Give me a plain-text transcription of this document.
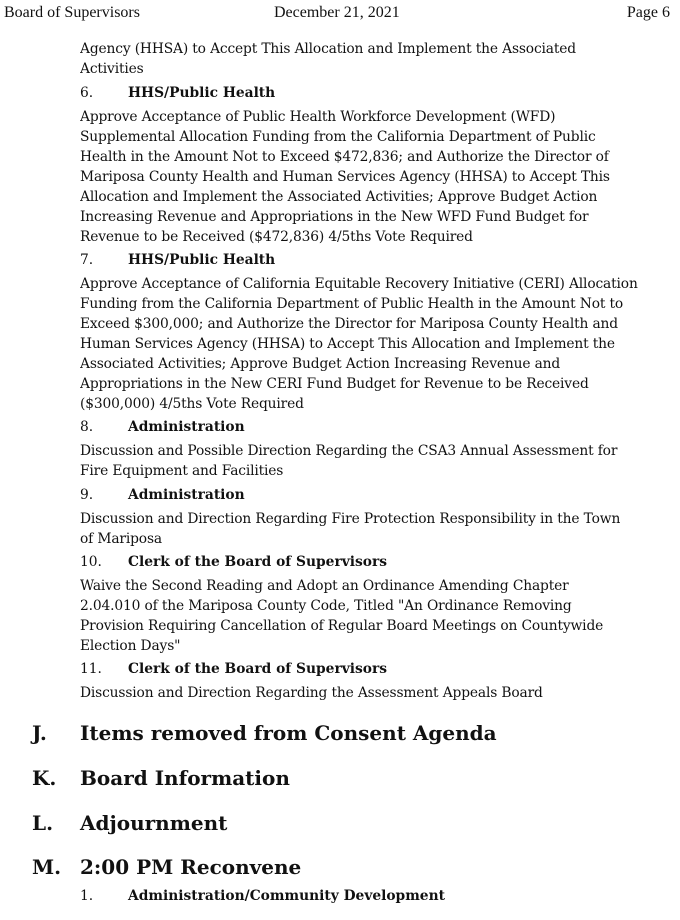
Board of Supervisors	December 21, 2021	Page 6
Agency (HHSA) to Accept This Allocation and Implement the Associated
Activities
6.	HHS/Public Health
Approve Acceptance of Public Health Workforce Development (WFD)
Supplemental Allocation Funding from the California Department of Public
Health in the Amount Not to Exceed $472,836; and Authorize the Director of
Mariposa County Health and Human Services Agency (HHSA) to Accept This
Allocation and Implement the Associated Activities; Approve Budget Action
Increasing Revenue and Appropriations in the New WFD Fund Budget for
Revenue to be Received ($472,836) 4/5ths Vote Required
7.	HHS/Public Health
Approve Acceptance of California Equitable Recovery Initiative (CERI) Allocation
Funding from the California Department of Public Health in the Amount Not to
Exceed $300,000; and Authorize the Director for Mariposa County Health and
Human Services Agency (HHSA) to Accept This Allocation and Implement the
Associated Activities; Approve Budget Action Increasing Revenue and
Appropriations in the New CERI Fund Budget for Revenue to be Received
($300,000) 4/5ths Vote Required
8.	Administration
Discussion and Possible Direction Regarding the CSA3 Annual Assessment for
Fire Equipment and Facilities
9.	Administration
Discussion and Direction Regarding Fire Protection Responsibility in the Town
of Mariposa
10. Clerk of the Board of Supervisors
Waive the Second Reading and Adopt an Ordinance Amending Chapter
2.04.010 of the Mariposa County Code, Titled "An Ordinance Removing
Provision Requiring Cancellation of Regular Board Meetings on Countywide
Election Days"
11. Clerk of the Board of Supervisors
Discussion and Direction Regarding the Assessment Appeals Board
J. Items removed from Consent Agenda
K. Board Information
L. Adjournment
M. 2:00 PM Reconvene
1.	Administration/Community Development
